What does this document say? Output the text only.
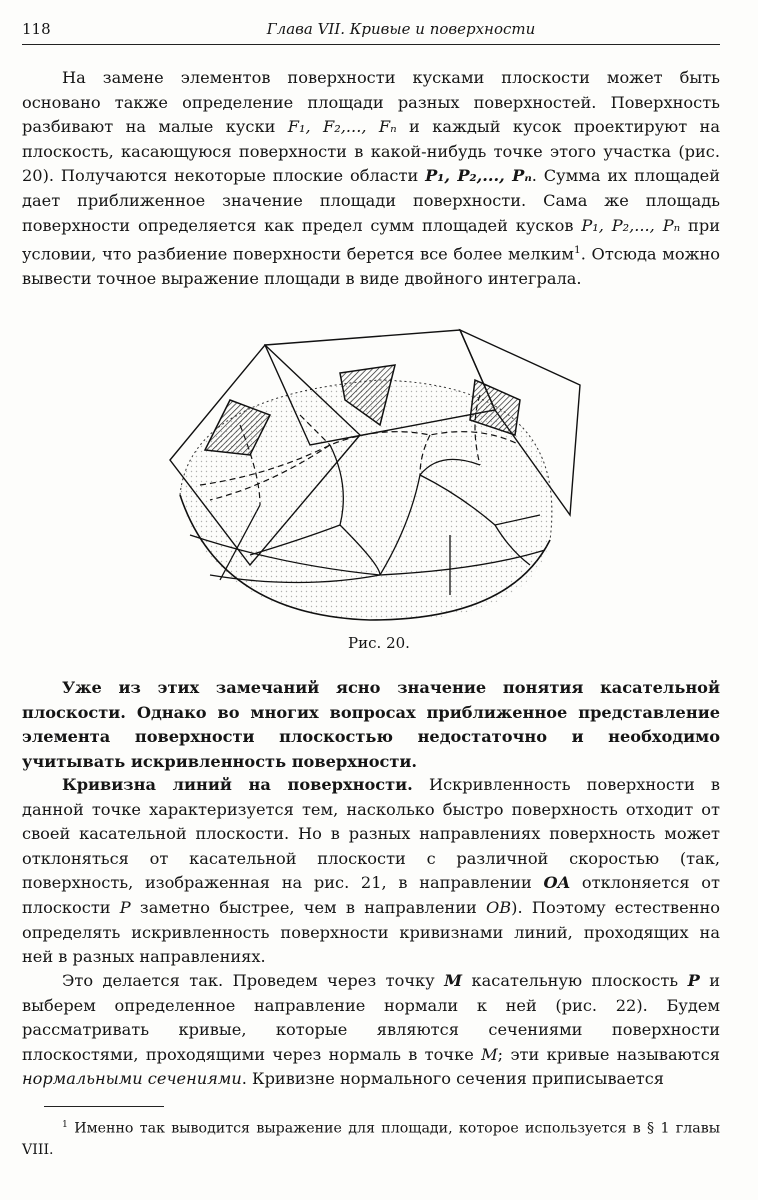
118	Глава VII. Кривые и поверхности

На замене элементов поверхности кусками плоскости может быть основано также определение площади разных поверхностей. Поверхность разбивают на малые куски F₁, F₂,..., Fₙ и каждый кусок проектируют на плоскость, касающуюся поверхности в какой-нибудь точке этого участка (рис. 20). Получаются некоторые плоские области P₁, P₂,..., Pₙ. Сумма их площадей дает приближенное значение площади поверхности. Сама же площадь поверхности определяется как предел сумм площадей кусков P₁, P₂,..., Pₙ при условии, что разбиение поверхности берется все более мелким$^1$. Отсюда можно вывести точное выражение площади в виде двойного интеграла.

Рис. 20.

Уже из этих замечаний ясно значение понятия касательной плоскости. Однако во многих вопросах приближенное представление элемента поверхности плоскостью недостаточно и необходимо учитывать искривленность поверхности.

Кривизна линий на поверхности. Искривленность поверхности в данной точке характеризуется тем, насколько быстро поверхность отходит от своей касательной плоскости. Но в разных направлениях поверхность может отклоняться от касательной плоскости с различной скоростью (так, поверхность, изображенная на рис. 21, в направлении OA отклоняется от плоскости P заметно быстрее, чем в направлении OB). Поэтому естественно определять искривленность поверхности кривизнами линий, проходящих на ней в разных направлениях.

Это делается так. Проведем через точку M касательную плоскость P и выберем определенное направление нормали к ней (рис. 22). Будем рассматривать кривые, которые являются сечениями поверхности плоскостями, проходящими через нормаль в точке M; эти кривые называются нормальными сечениями. Кривизне нормального сечения приписывается

$^1$ Именно так выводится выражение для площади, которое используется в § 1 главы VIII.
